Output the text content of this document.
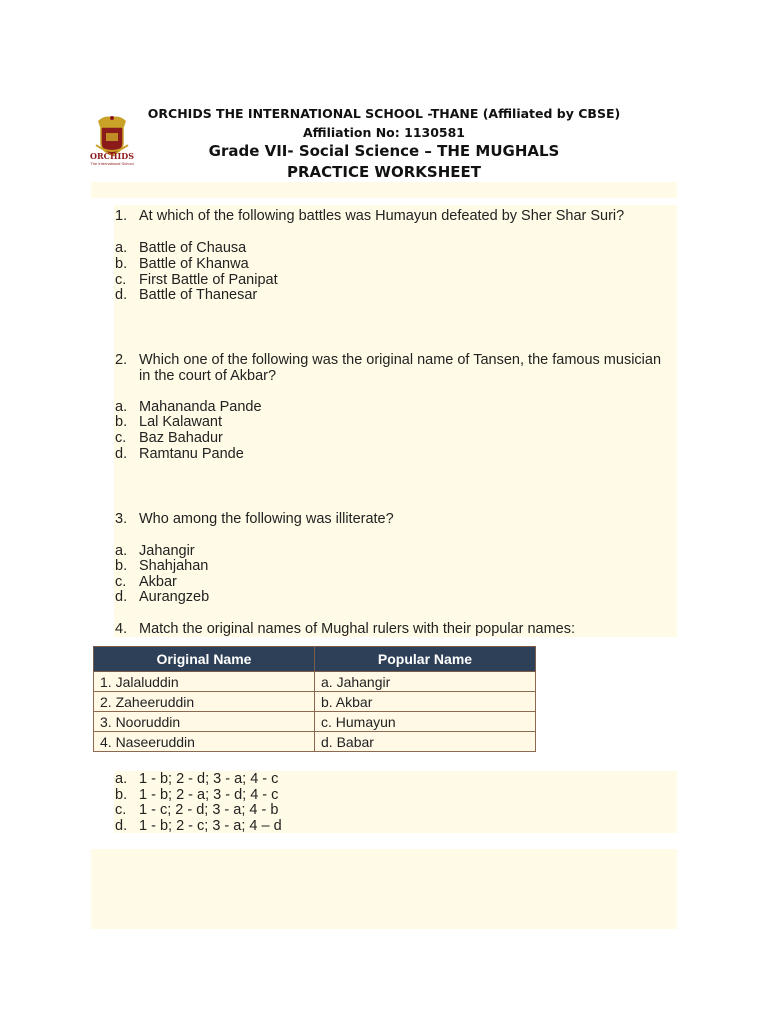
ORCHIDS
The International School
ORCHIDS THE INTERNATIONAL SCHOOL -THANE (Affiliated by CBSE)
Affiliation No: 1130581
Grade VII- Social Science – THE MUGHALS
PRACTICE WORKSHEET
1. At which of the following battles was Humayun defeated by Sher Shar Suri?
a. Battle of Chausa
b. Battle of Khanwa
c. First Battle of Panipat
d. Battle of Thanesar
2. Which one of the following was the original name of Tansen, the famous musician in the court of Akbar?
a. Mahananda Pande
b. Lal Kalawant
c. Baz Bahadur
d. Ramtanu Pande
3. Who among the following was illiterate?
a. Jahangir
b. Shahjahan
c. Akbar
d. Aurangzeb
4. Match the original names of Mughal rulers with their popular names:
Original Name	Popular Name
1. Jalaluddin	a. Jahangir
2. Zaheeruddin	b. Akbar
3. Nooruddin	c. Humayun
4. Naseeruddin	d. Babar
a. 1 - b; 2 - d; 3 - a; 4 - c
b. 1 - b; 2 - a; 3 - d; 4 - c
c. 1 - c; 2 - d; 3 - a; 4 - b
d. 1 - b; 2 - c; 3 - a; 4 – d
